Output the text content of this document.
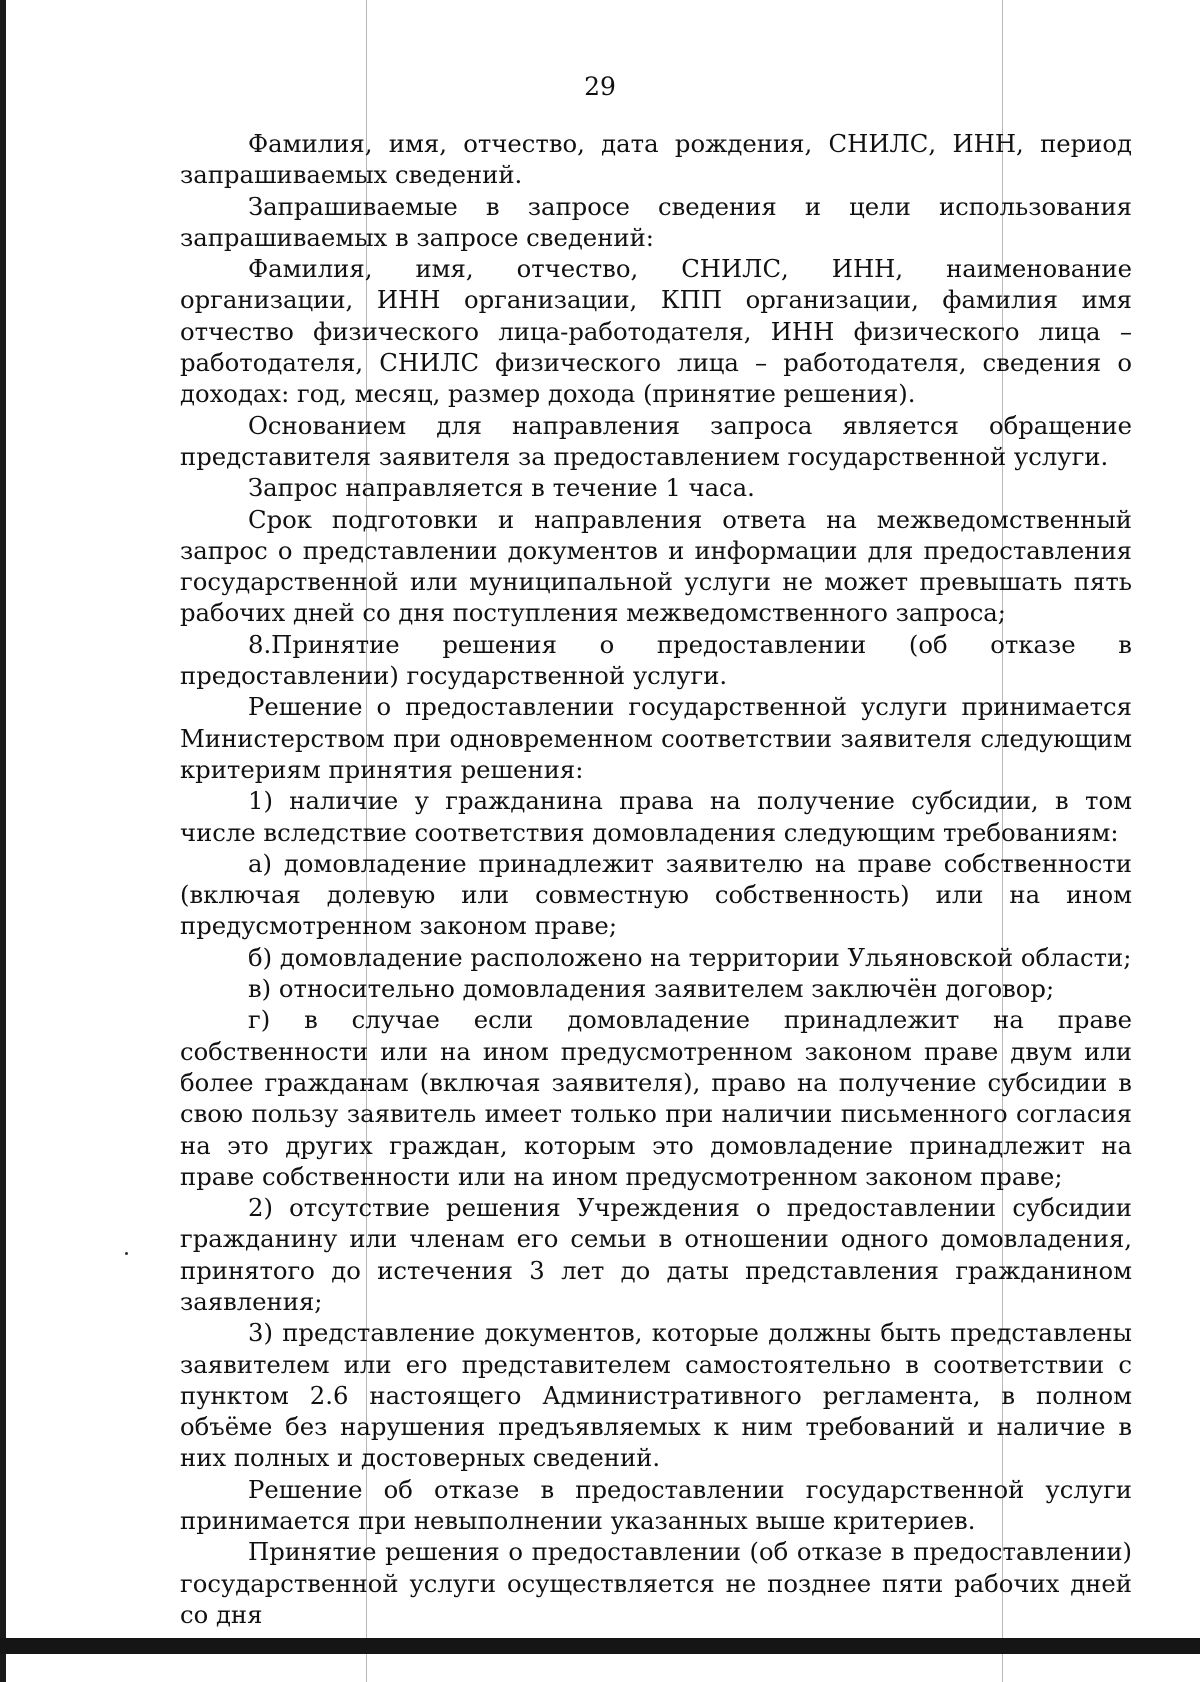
29

Фамилия, имя, отчество, дата рождения, СНИЛС, ИНН, период запрашиваемых сведений.

Запрашиваемые в запросе сведения и цели использования запрашиваемых в запросе сведений:

Фамилия, имя, отчество, СНИЛС, ИНН, наименование организации, ИНН организации, КПП организации, фамилия имя отчество физического лица-работодателя, ИНН физического лица – работодателя, СНИЛС физического лица – работодателя, сведения о доходах: год, месяц, размер дохода (принятие решения).

Основанием для направления запроса является обращение представителя заявителя за предоставлением государственной услуги.

Запрос направляется в течение 1 часа.

Срок подготовки и направления ответа на межведомственный запрос о представлении документов и информации для предоставления государственной или муниципальной услуги не может превышать пять рабочих дней со дня поступления межведомственного запроса;

8.Принятие решения о предоставлении (об отказе в предоставлении) государственной услуги.

Решение о предоставлении государственной услуги принимается Министерством при одновременном соответствии заявителя следующим критериям принятия решения:

1) наличие у гражданина права на получение субсидии, в том числе вследствие соответствия домовладения следующим требованиям:

а) домовладение принадлежит заявителю на праве собственности (включая долевую или совместную собственность) или на ином предусмотренном законом праве;

б) домовладение расположено на территории Ульяновской области;

в) относительно домовладения заявителем заключён договор;

г) в случае если домовладение принадлежит на праве собственности или на ином предусмотренном законом праве двум или более гражданам (включая заявителя), право на получение субсидии в свою пользу заявитель имеет только при наличии письменного согласия на это других граждан, которым это домовладение принадлежит на праве собственности или на ином предусмотренном законом праве;

2) отсутствие решения Учреждения о предоставлении субсидии гражданину или членам его семьи в отношении одного домовладения, принятого до истечения 3 лет до даты представления гражданином заявления;

3) представление документов, которые должны быть представлены заявителем или его представителем самостоятельно в соответствии с пунктом 2.6 настоящего Административного регламента, в полном объёме без нарушения предъявляемых к ним требований и наличие в них полных и достоверных сведений.

Решение об отказе в предоставлении государственной услуги принимается при невыполнении указанных выше критериев.

Принятие решения о предоставлении (об отказе в предоставлении) государственной услуги осуществляется не позднее пяти рабочих дней со дня
